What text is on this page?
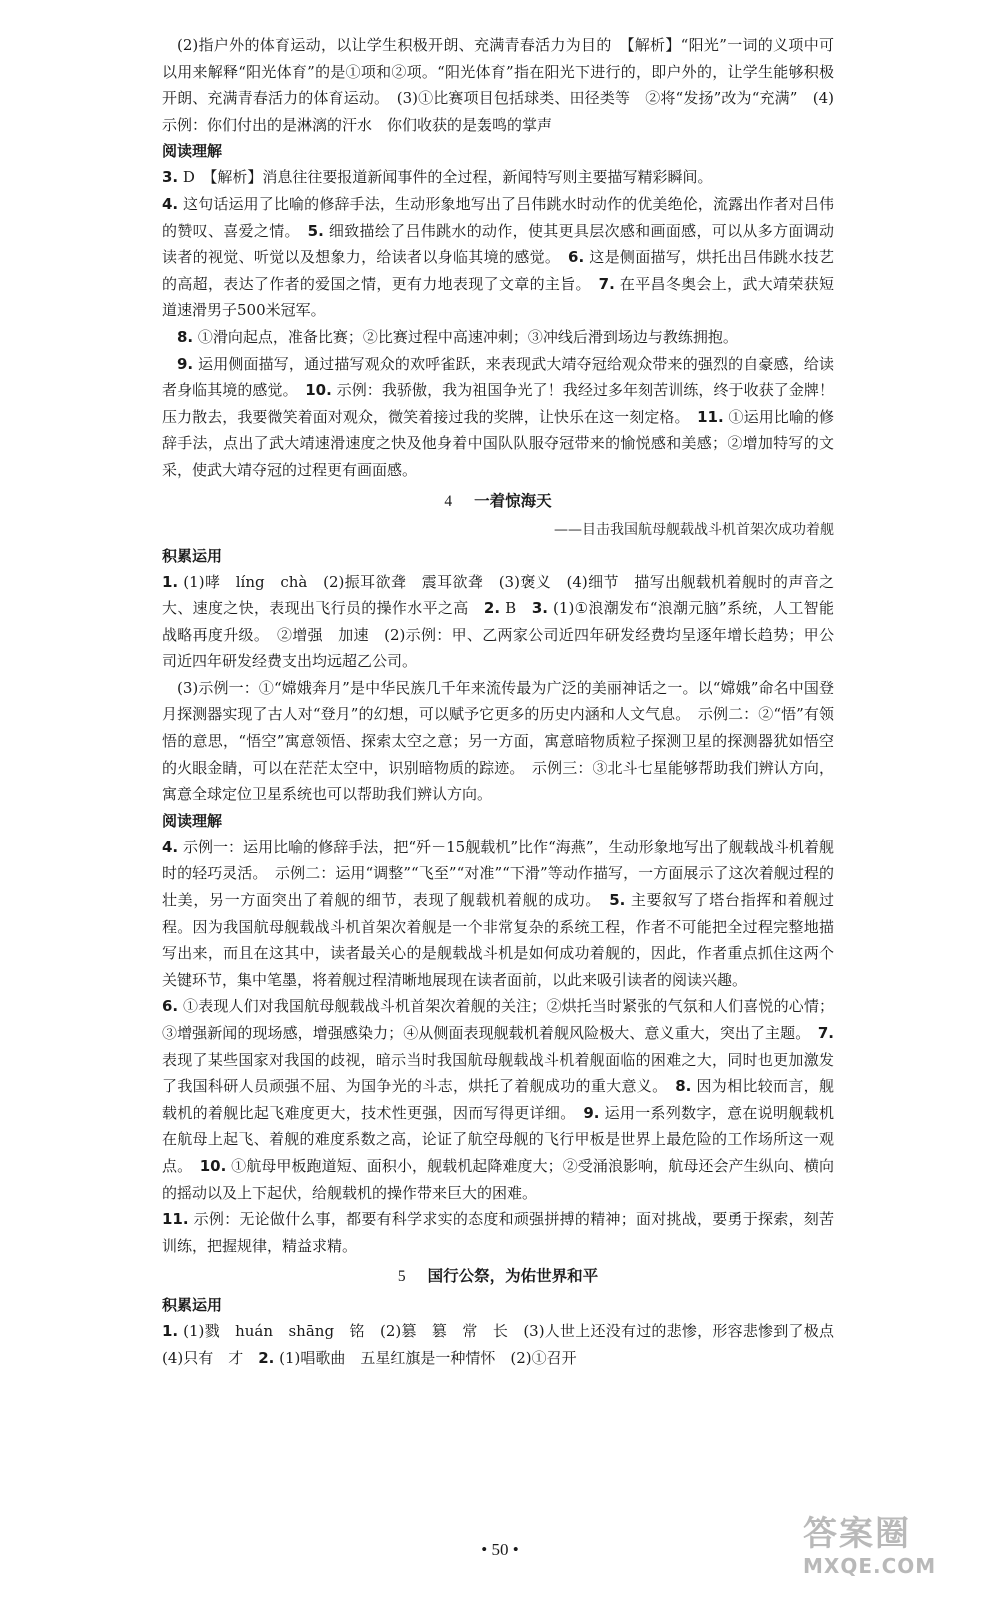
(2)指户外的体育运动，以让学生积极开朗、充满青春活力为目的　【解析】“阳光”一词的义项中可以用来解释“阳光体育”的是①项和②项。“阳光体育”指在阳光下进行的，即户外的，让学生能够积极开朗、充满青春活力的体育运动。　(3)①比赛项目包括球类、田径类等　②将“发扬”改为“充满”　(4)示例：你们付出的是淋漓的汗水　你们收获的是轰鸣的掌声

阅读理解

3. D　【解析】消息往往要报道新闻事件的全过程，新闻特写则主要描写精彩瞬间。

4. 这句话运用了比喻的修辞手法，生动形象地写出了吕伟跳水时动作的优美绝伦，流露出作者对吕伟的赞叹、喜爱之情。　5. 细致描绘了吕伟跳水的动作，使其更具层次感和画面感，可以从多方面调动读者的视觉、听觉以及想象力，给读者以身临其境的感觉。　6. 这是侧面描写，烘托出吕伟跳水技艺的高超，表达了作者的爱国之情，更有力地表现了文章的主旨。　7. 在平昌冬奥会上，武大靖荣获短道速滑男子500米冠军。

8. ①滑向起点，准备比赛；②比赛过程中高速冲刺；③冲线后滑到场边与教练拥抱。

9. 运用侧面描写，通过描写观众的欢呼雀跃，来表现武大靖夺冠给观众带来的强烈的自豪感，给读者身临其境的感觉。　10. 示例：我骄傲，我为祖国争光了！我经过多年刻苦训练，终于收获了金牌！压力散去，我要微笑着面对观众，微笑着接过我的奖牌，让快乐在这一刻定格。　11. ①运用比喻的修辞手法，点出了武大靖速滑速度之快及他身着中国队队服夺冠带来的愉悦感和美感；②增加特写的文采，使武大靖夺冠的过程更有画面感。

4 一着惊海天

——目击我国航母舰载战斗机首架次成功着舰

积累运用

1. (1)哮　líng　chà　(2)振耳欲聋　震耳欲聋　(3)褒义　(4)细节　描写出舰载机着舰时的声音之大、速度之快，表现出飞行员的操作水平之高　2. B　3. (1)①浪潮发布“浪潮元脑”系统，人工智能战略再度升级。　②增强　加速　(2)示例：甲、乙两家公司近四年研发经费均呈逐年增长趋势；甲公司近四年研发经费支出均远超乙公司。

(3)示例一：①“嫦娥奔月”是中华民族几千年来流传最为广泛的美丽神话之一。以“嫦娥”命名中国登月探测器实现了古人对“登月”的幻想，可以赋予它更多的历史内涵和人文气息。　示例二：②“悟”有领悟的意思，“悟空”寓意领悟、探索太空之意；另一方面，寓意暗物质粒子探测卫星的探测器犹如悟空的火眼金睛，可以在茫茫太空中，识别暗物质的踪迹。　示例三：③北斗七星能够帮助我们辨认方向，寓意全球定位卫星系统也可以帮助我们辨认方向。

阅读理解

4. 示例一：运用比喻的修辞手法，把“歼－15舰载机”比作“海燕”，生动形象地写出了舰载战斗机着舰时的轻巧灵活。　示例二：运用“调整”“飞至”“对准”“下滑”等动作描写，一方面展示了这次着舰过程的壮美，另一方面突出了着舰的细节，表现了舰载机着舰的成功。　5. 主要叙写了塔台指挥和着舰过程。因为我国航母舰载战斗机首架次着舰是一个非常复杂的系统工程，作者不可能把全过程完整地描写出来，而且在这其中，读者最关心的是舰载战斗机是如何成功着舰的，因此，作者重点抓住这两个关键环节，集中笔墨，将着舰过程清晰地展现在读者面前，以此来吸引读者的阅读兴趣。

6. ①表现人们对我国航母舰载战斗机首架次着舰的关注；②烘托当时紧张的气氛和人们喜悦的心情；③增强新闻的现场感，增强感染力；④从侧面表现舰载机着舰风险极大、意义重大，突出了主题。　7. 表现了某些国家对我国的歧视，暗示当时我国航母舰载战斗机着舰面临的困难之大，同时也更加激发了我国科研人员顽强不屈、为国争光的斗志，烘托了着舰成功的重大意义。　8. 因为相比较而言，舰载机的着舰比起飞难度更大，技术性更强，因而写得更详细。　9. 运用一系列数字，意在说明舰载机在航母上起飞、着舰的难度系数之高，论证了航空母舰的飞行甲板是世界上最危险的工作场所这一观点。　10. ①航母甲板跑道短、面积小，舰载机起降难度大；②受涌浪影响，航母还会产生纵向、横向的摇动以及上下起伏，给舰载机的操作带来巨大的困难。

11. 示例：无论做什么事，都要有科学求实的态度和顽强拼搏的精神；面对挑战，要勇于探索，刻苦训练，把握规律，精益求精。

5 国行公祭，为佑世界和平

积累运用

1. (1)戮　huán　shāng　铭　(2)篡　篡　常　长　(3)人世上还没有过的悲惨，形容悲惨到了极点　(4)只有　才　2. (1)唱歌曲　五星红旗是一种情怀　(2)①召开

• 50 •	答案圈
MXQE.COM
